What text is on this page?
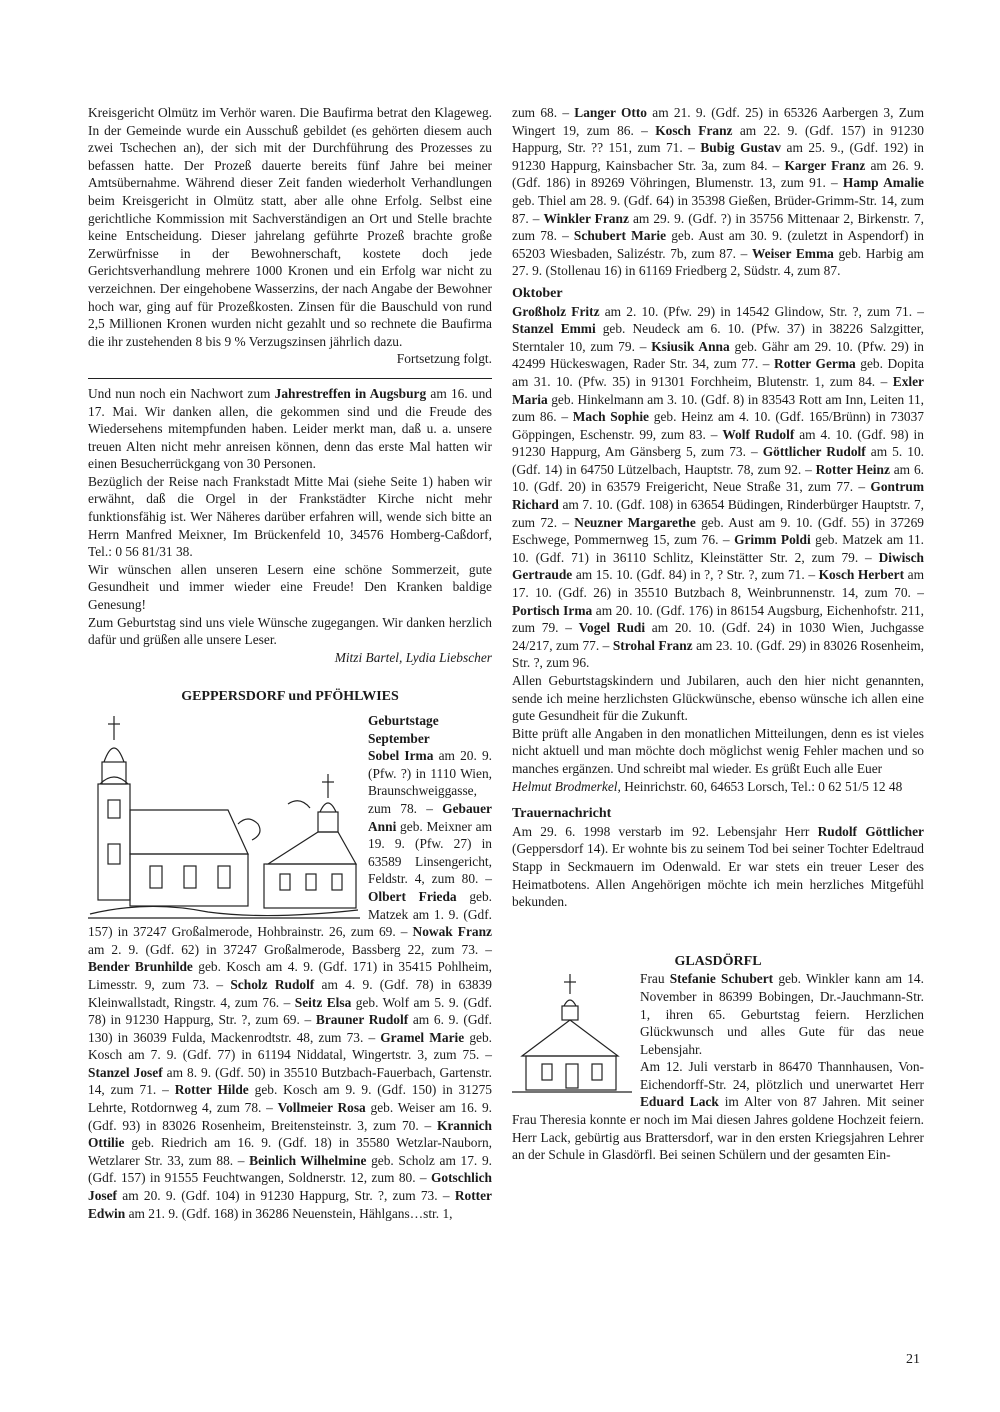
Kreisgericht Olmütz im Verhör waren. Die Baufirma betrat den Klageweg. In der Gemeinde wurde ein Ausschuß gebildet (es gehörten diesem auch zwei Tschechen an), der sich mit der Durchführung des Prozesses zu befassen hatte. Der Prozeß dauerte bereits fünf Jahre bei meiner Amtsübernahme. Während dieser Zeit fanden wiederholt Verhandlungen beim Kreisgericht in Olmütz statt, aber alle ohne Erfolg. Selbst eine gerichtliche Kommission mit Sachverständigen an Ort und Stelle brachte keine Entscheidung. Dieser jahrelang geführte Prozeß brachte große Zerwürfnisse in der Bewohnerschaft, kostete doch jede Gerichtsverhandlung mehrere 1000 Kronen und ein Erfolg war nicht zu verzeichnen. Der eingehobene Wasserzins, der nach Angabe der Bewohner hoch war, ging auf für Prozeßkosten. Zinsen für die Bauschuld von rund 2,5 Millionen Kronen wurden nicht gezahlt und so rechnete die Baufirma die ihr zustehenden 8 bis 9 % Verzugszinsen jährlich dazu.

Fortsetzung folgt.

Und nun noch ein Nachwort zum Jahrestreffen in Augsburg am 16. und 17. Mai. Wir danken allen, die gekommen sind und die Freude des Wiedersehens mitempfunden haben. Leider merkt man, daß u. a. unsere treuen Alten nicht mehr anreisen können, denn das erste Mal hatten wir einen Besucherrückgang von 30 Personen.

Bezüglich der Reise nach Frankstadt Mitte Mai (siehe Seite 1) haben wir erwähnt, daß die Orgel in der Frankstädter Kirche nicht mehr funktionsfähig ist. Wer Näheres darüber erfahren will, wende sich bitte an Herrn Manfred Meixner, Im Brückenfeld 10, 34576 Homberg-Caßdorf, Tel.: 0 56 81/31 38.

Wir wünschen allen unseren Lesern eine schöne Sommerzeit, gute Gesundheit und immer wieder eine Freude! Den Kranken baldige Genesung!

Zum Geburtstag sind uns viele Wünsche zugegangen. Wir danken herzlich dafür und grüßen alle unsere Leser.

Mitzi Bartel, Lydia Liebscher

GEPPERSDORF und PFÖHLWIES

Geburtstage

September

Sobel Irma am 20. 9. (Pfw. ?) in 1110 Wien, Braunschweiggasse, zum 78. – Gebauer Anni geb. Meixner am 19. 9. (Pfw. 27) in 63589 Linsengericht, Feldstr. 4, zum 80. – Olbert Frieda geb. Matzek am 1. 9. (Gdf. 157) in 37247 Großalmerode, Hohbrainstr. 26, zum 69. – Nowak Franz am 2. 9. (Gdf. 62) in 37247 Großalmerode, Bassberg 22, zum 73. – Bender Brunhilde geb. Kosch am 4. 9. (Gdf. 171) in 35415 Pohlheim, Limesstr. 9, zum 73. – Scholz Rudolf am 4. 9. (Gdf. 78) in 63839 Kleinwallstadt, Ringstr. 4, zum 76. – Seitz Elsa geb. Wolf am 5. 9. (Gdf. 78) in 91230 Happurg, Str. ?, zum 69. – Brauner Rudolf am 6. 9. (Gdf. 130) in 36039 Fulda, Mackenrodtstr. 48, zum 73. – Gramel Marie geb. Kosch am 7. 9. (Gdf. 77) in 61194 Niddatal, Wingertstr. 3, zum 75. – Stanzel Josef am 8. 9. (Gdf. 50) in 35510 Butzbach-Fauerbach, Gartenstr. 14, zum 71. – Rotter Hilde geb. Kosch am 9. 9. (Gdf. 150) in 31275 Lehrte, Rotdornweg 4, zum 78. – Vollmeier Rosa geb. Weiser am 16. 9. (Gdf. 93) in 83026 Rosenheim, Breitensteinstr. 3, zum 70. – Krannich Ottilie geb. Riedrich am 16. 9. (Gdf. 18) in 35580 Wetzlar-Nauborn, Wetzlarer Str. 33, zum 88. – Beinlich Wilhelmine geb. Scholz am 17. 9. (Gdf. 157) in 91555 Feuchtwangen, Soldnerstr. 12, zum 80. – Gotschlich Josef am 20. 9. (Gdf. 104) in 91230 Happurg, Str. ?, zum 73. – Rotter Edwin am 21. 9. (Gdf. 168) in 36286 Neuenstein, Hählgans…str. 1,

zum 68. – Langer Otto am 21. 9. (Gdf. 25) in 65326 Aarbergen 3, Zum Wingert 19, zum 86. – Kosch Franz am 22. 9. (Gdf. 157) in 91230 Happurg, Str. ?? 151, zum 71. – Bubig Gustav am 25. 9., (Gdf. 192) in 91230 Happurg, Kainsbacher Str. 3a, zum 84. – Karger Franz am 26. 9. (Gdf. 186) in 89269 Vöhringen, Blumenstr. 13, zum 91. – Hamp Amalie geb. Thiel am 28. 9. (Gdf. 64) in 35398 Gießen, Brüder-Grimm-Str. 14, zum 87. – Winkler Franz am 29. 9. (Gdf. ?) in 35756 Mittenaar 2, Birkenstr. 7, zum 78. – Schubert Marie geb. Aust am 30. 9. (zuletzt in Aspendorf) in 65203 Wiesbaden, Salizéstr. 7b, zum 87. – Weiser Emma geb. Harbig am 27. 9. (Stollenau 16) in 61169 Friedberg 2, Südstr. 4, zum 87.

Oktober

Großholz Fritz am 2. 10. (Pfw. 29) in 14542 Glindow, Str. ?, zum 71. – Stanzel Emmi geb. Neudeck am 6. 10. (Pfw. 37) in 38226 Salzgitter, Sterntaler 10, zum 79. – Ksiusik Anna geb. Gähr am 29. 10. (Pfw. 29) in 42499 Hückeswagen, Rader Str. 34, zum 77. – Rotter Germa geb. Dopita am 31. 10. (Pfw. 35) in 91301 Forchheim, Blutenstr. 1, zum 84. – Exler Maria geb. Hinkelmann am 3. 10. (Gdf. 8) in 83543 Rott am Inn, Leiten 11, zum 86. – Mach Sophie geb. Heinz am 4. 10. (Gdf. 165/Brünn) in 73037 Göppingen, Eschenstr. 99, zum 83. – Wolf Rudolf am 4. 10. (Gdf. 98) in 91230 Happurg, Am Gänsberg 5, zum 73. – Göttlicher Rudolf am 5. 10. (Gdf. 14) in 64750 Lützelbach, Hauptstr. 78, zum 92. – Rotter Heinz am 6. 10. (Gdf. 20) in 63579 Freigericht, Neue Straße 31, zum 77. – Gontrum Richard am 7. 10. (Gdf. 108) in 63654 Büdingen, Rinderbürger Hauptstr. 7, zum 72. – Neuzner Margarethe geb. Aust am 9. 10. (Gdf. 55) in 37269 Eschwege, Pommernweg 15, zum 76. – Grimm Poldi geb. Matzek am 11. 10. (Gdf. 71) in 36110 Schlitz, Kleinstätter Str. 2, zum 79. – Diwisch Gertraude am 15. 10. (Gdf. 84) in ?, ? Str. ?, zum 71. – Kosch Herbert am 17. 10. (Gdf. 26) in 35510 Butzbach 8, Weinbrunnenstr. 14, zum 70. – Portisch Irma am 20. 10. (Gdf. 176) in 86154 Augsburg, Eichenhofstr. 211, zum 79. – Vogel Rudi am 20. 10. (Gdf. 24) in 1030 Wien, Juchgasse 24/217, zum 77. – Strohal Franz am 23. 10. (Gdf. 29) in 83026 Rosenheim, Str. ?, zum 96.

Allen Geburtstagskindern und Jubilaren, auch den hier nicht genannten, sende ich meine herzlichsten Glückwünsche, ebenso wünsche ich allen eine gute Gesundheit für die Zukunft.

Bitte prüft alle Angaben in den monatlichen Mitteilungen, denn es ist vieles nicht aktuell und man möchte doch möglichst wenig Fehler machen und so manches ergänzen. Und schreibt mal wieder. Es grüßt Euch alle Euer

Helmut Brodmerkel, Heinrichstr. 60, 64653 Lorsch, Tel.: 0 62 51/5 12 48

Trauernachricht

Am 29. 6. 1998 verstarb im 92. Lebensjahr Herr Rudolf Göttlicher (Geppersdorf 14). Er wohnte bis zu seinem Tod bei seiner Tochter Edeltraud Stapp in Seckmauern im Odenwald. Er war stets ein treuer Leser des Heimatbotens. Allen Angehörigen möchte ich mein herzliches Mitgefühl bekunden.

GLASDÖRFL

Frau Stefanie Schubert geb. Winkler kann am 14. November in 86399 Bobingen, Dr.-Jauchmann-Str. 1, ihren 65. Geburtstag feiern. Herzlichen Glückwunsch und alles Gute für das neue Lebensjahr.

Am 12. Juli verstarb in 86470 Thannhausen, Von-Eichendorff-Str. 24, plötzlich und unerwartet Herr Eduard Lack im Alter von 87 Jahren. Mit seiner Frau Theresia konnte er noch im Mai diesen Jahres goldene Hochzeit feiern. Herr Lack, gebürtig aus Brattersdorf, war in den ersten Kriegsjahren Lehrer an der Schule in Glasdörfl. Bei seinen Schülern und der gesamten Ein-

21
